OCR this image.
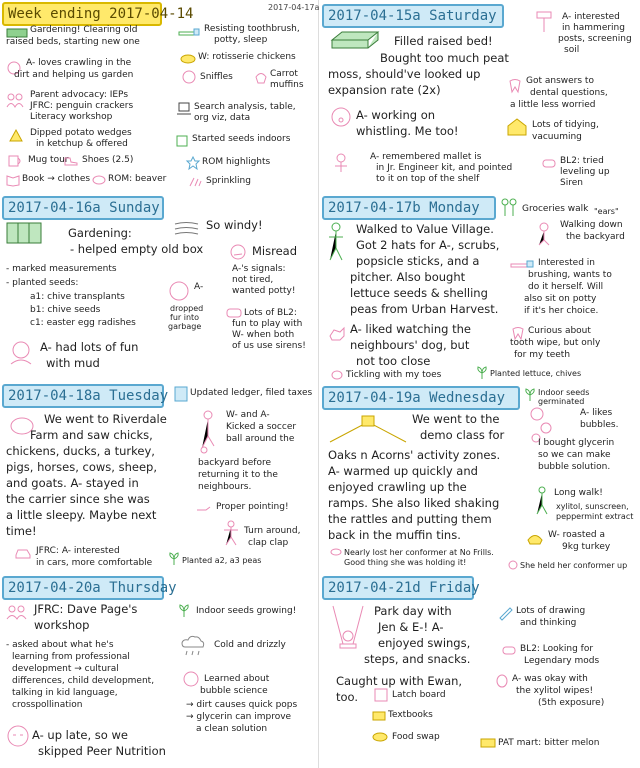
Week ending 2017-04-14	2017-04-17a
Gardening! Clearing old
raised beds, starting new one
A- loves crawling in the
dirt and helping us garden
Parent advocacy: IEPs
JFRC: penguin crackers
Literacy workshop
Dipped potato wedges
in ketchup & offered
Mug tour Shoes (2.5)
Book → clothes ROM: beaver
Resisting toothbrush,
potty, sleep
W: rotisserie chickens
Sniffles	Carrot
muffins
Search analysis, table,
org viz, data
Started seeds indoors
ROM highlights
Sprinkling
2017-04-15a Saturday
Filled raised bed!
Bought too much peat
moss, should've looked up
expansion rate (2x)
A- working on
whistling. Me too!
A- remembered mallet is
in Jr. Engineer kit, and pointed
to it on top of the shelf
A- interested
in hammering
posts, screening
soil
Got answers to
dental questions,
a little less worried
Lots of tidying,
vacuuming
BL2: tried
leveling up
Siren
2017-04-16a Sunday
So windy!
Gardening:
- helped empty old box
- marked measurements
- planted seeds:
a1: chive transplants
b1: chive seeds
c1: easter egg radishes
A-
dropped
fur into
garbage
Misread
A-'s signals:
not tired,
wanted potty!
Lots of BL2:
fun to play with
W- when both
of us use sirens!
A- had lots of fun
with mud
2017-04-17b Monday	Groceries walk "ears"
Walked to Value Village.
Got 2 hats for A-, scrubs,
popsicle sticks, and a
pitcher. Also bought
lettuce seeds & shelling
peas from Urban Harvest.
Walking down
the backyard
Interested in
brushing, wants to
do it herself. Will
also sit on potty
if it's her choice.
A- liked watching the
neighbours' dog, but
not too close
Curious about
tooth wipe, but only
for my teeth
Tickling with my toes	Planted lettuce, chives
2017-04-18a Tuesday Updated ledger, filed taxes
We went to Riverdale
Farm and saw chicks,
chickens, ducks, a turkey,
pigs, horses, cows, sheep,
and goats. A- stayed in
the carrier since she was
a little sleepy. Maybe next
time!
W- and A-
Kicked a soccer
ball around the
backyard before
returning it to the
neighbours.
Proper pointing!
Turn around,
clap clap
JFRC: A- interested
in cars, more comfortable	Planted a2, a3 peas
2017-04-19a Wednesday	Indoor seeds
germinated
We went to the
demo class for
Oaks n Acorns' activity zones.
A- warmed up quickly and
enjoyed crawling up the
ramps. She also liked shaking
the rattles and putting them
back in the muffin tins.
A- likes
bubbles.
I bought glycerin
so we can make
bubble solution.
Long walk!
xylitol, sunscreen,
peppermint extract
W- roasted a
9kg turkey
Nearly lost her conformer at No Frills.
Good thing she was holding it!	She held her conformer up
2017-04-20a Thursday
JFRC: Dave Page's
workshop
- asked about what he's
learning from professional
development → cultural
differences, child development,
talking in kid language,
crosspollination
A- up late, so we
skipped Peer Nutrition
Indoor seeds growing!
Cold and drizzly
Learned about
bubble science
→ dirt causes quick pops
→ glycerin can improve
a clean solution
2017-04-21d Friday
Park day with
Jen & E-! A-
enjoyed swings,
steps, and snacks.
Caught up with Ewan,
too.	Latch board
Textbooks
Food swap
Lots of drawing
and thinking
BL2: Looking for
Legendary mods
A- was okay with
the xylitol wipes!
(5th exposure)
PAT mart: bitter melon
